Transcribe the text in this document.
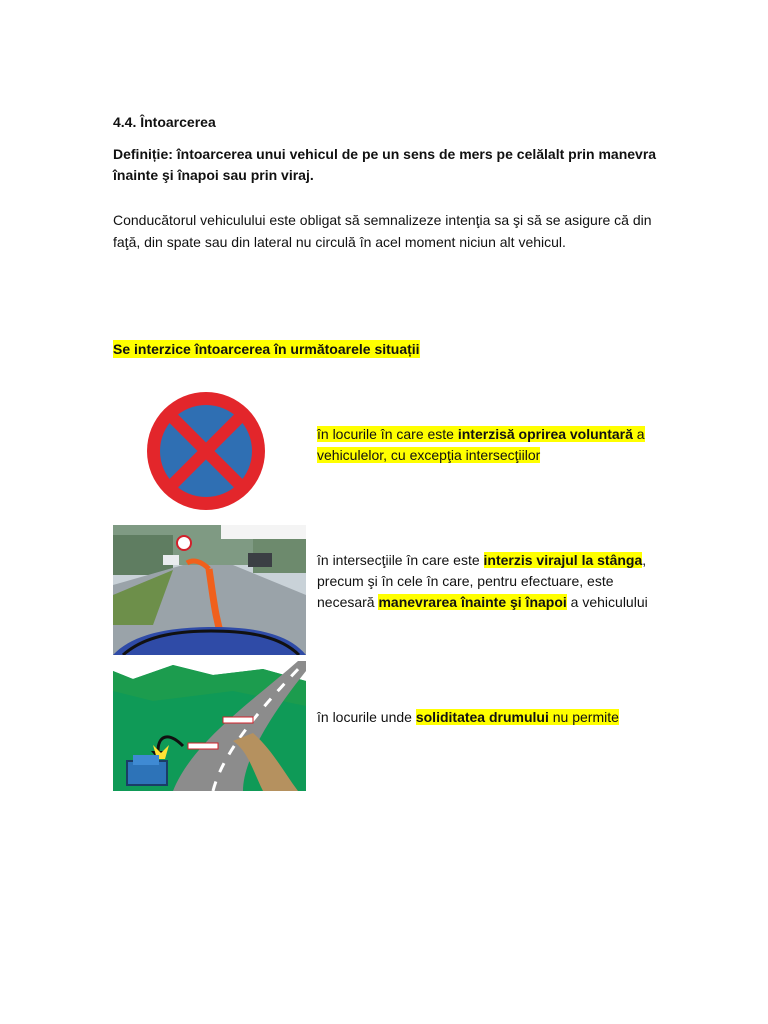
4.4. Întoarcerea
Definiție: întoarcerea unui vehicul de pe un sens de mers pe celălalt prin manevra înainte şi înapoi sau prin viraj.
Conducătorul vehiculului este obligat să semnalizeze intenţia sa şi să se asigure că din faţă, din spate sau din lateral nu circulă în acel moment niciun alt vehicul.
Se interzice întoarcerea în următoarele situații
în locurile în care este interzisă oprirea voluntară a vehiculelor, cu excepţia intersecţiilor
în intersecţiile în care este interzis virajul la stânga, precum şi în cele în care, pentru efectuare, este necesară manevrarea înainte şi înapoi a vehiculului
în locurile unde soliditatea drumului nu permite
